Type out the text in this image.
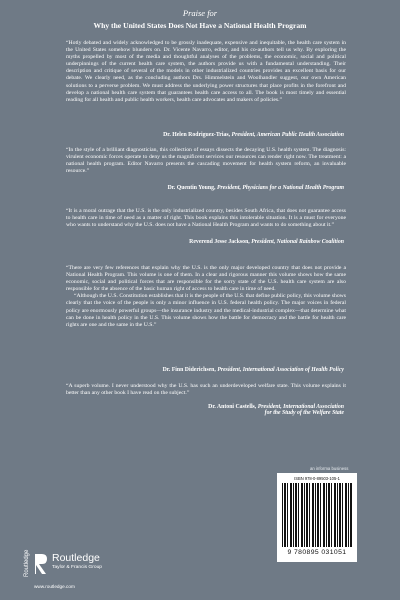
Praise for
Why the United States Does Not Have a National Health Program

“Hotly debated and widely acknowledged to be grossly inadequate, expensive and inequitable, the health care system in the United States somehow blunders on. Dr. Vicente Navarro, editor, and his co-authors tell us why. By exploring the myths propelled by most of the media and thoughtful analyses of the problems, the economic, social and political underpinnings of the current health care system, the authors provide us with a fundamental understanding. Their description and critique of several of the models in other industrialized countries provides an excellent basis for our debate. We clearly need, as the concluding authors Drs. Himmelstein and Woolhandler suggest, our own American solutions to a perverse problem. We must address the underlying power structures that place profits in the forefront and develop a national health care system that guarantees health care access to all. The book is most timely and essential reading for all health and public health workers, health care advocates and makers of policies.”

Dr. Helen Rodriguez-Trias, President, American Public Health Association

“In the style of a brilliant diagnostician, this collection of essays dissects the decaying U.S. health system. The diagnosis: virulent economic forces operate to deny us the magnificent services our resources can render right now. The treatment: a national health program. Editor Navarro presents the cascading movement for health system reform, an invaluable resource.”

Dr. Quentin Young, President, Physicians for a National Health Program

“It is a moral outrage that the U.S. is the only industrialized country, besides South Africa, that does not guarantee access to health care in time of need as a matter of right. This book explains this intolerable situation. It is a must for everyone who wants to understand why the U.S. does not have a National Health Program and wants to do something about it.”

Reverend Jesse Jackson, President, National Rainbow Coalition

“There are very few references that explain why the U.S. is the only major developed country that does not provide a National Health Program. This volume is one of them. In a clear and rigorous manner this volume shows how the same economic, social and political forces that are responsible for the sorry state of the U.S. health care system are also responsible for the absence of the basic human right of access to health care in time of need.

“Although the U.S. Constitution establishes that it is the people of the U.S. that define public policy, this volume shows clearly that the voice of the people is only a minor influence in U.S. federal health policy. The major voices in federal policy are enormously powerful groups—the insurance industry and the medical-industrial complex—that determine what can be done in health policy in the U.S. This volume shows how the battle for democracy and the battle for health care rights are one and the same in the U.S.”

Dr. Finn Diderichsen, President, International Association of Health Policy

“A superb volume. I never understood why the U.S. has such an underdeveloped welfare state. This volume explains it better than any other book I have read on the subject.”

Dr. Antoni Castells, President, International Association
for the Study of the Welfare State
an informa business
ISBN 978-0-89503-105-1
9 780895 031051
Routledge Routledge
Taylor & Francis Group
www.routledge.com
